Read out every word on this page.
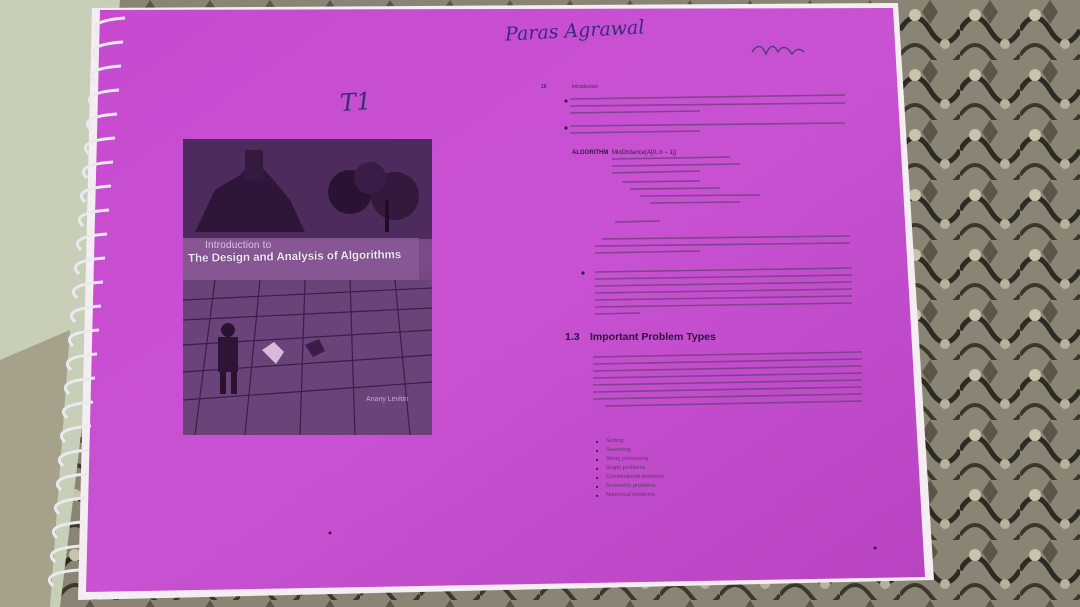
Paras Agrawal
T1
Introduction to
The Design and Analysis of Algorithms
Anany Levitin
16	Introduction
ALGORITHM MinDistance(A[0..n − 1])
1.3 Important Problem Types
■ Sorting
■ Searching
■ String processing
■ Graph problems
■ Combinatorial problems
■ Geometric problems
■ Numerical problems
